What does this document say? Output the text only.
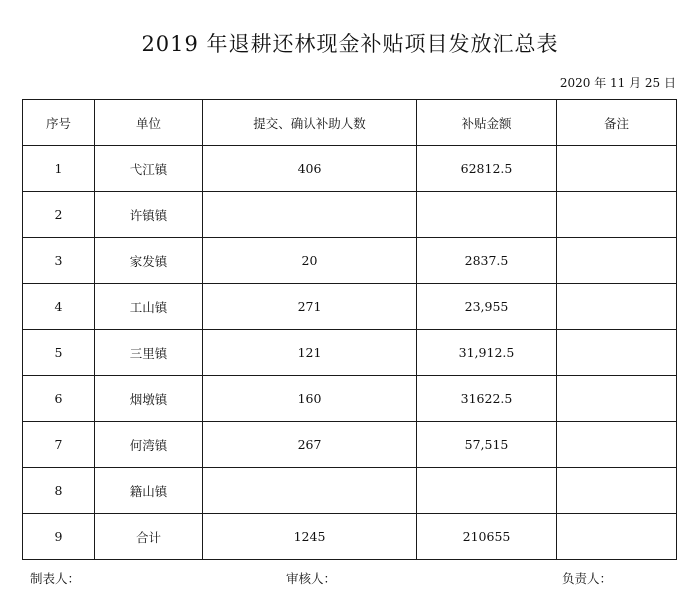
2019 年退耕还林现金补贴项目发放汇总表
2020 年 11 月 25 日
序号	单位	提交、确认补助人数	补贴金额	备注
1	弋江镇	406	62812.5	
2	许镇镇			
3	家发镇	20	2837.5	
4	工山镇	271	23,955	
5	三里镇	121	31,912.5	
6	烟墩镇	160	31622.5	
7	何湾镇	267	57,515	
8	籍山镇			
9	合计	1245	210655	
制表人：	审核人：	负责人：
